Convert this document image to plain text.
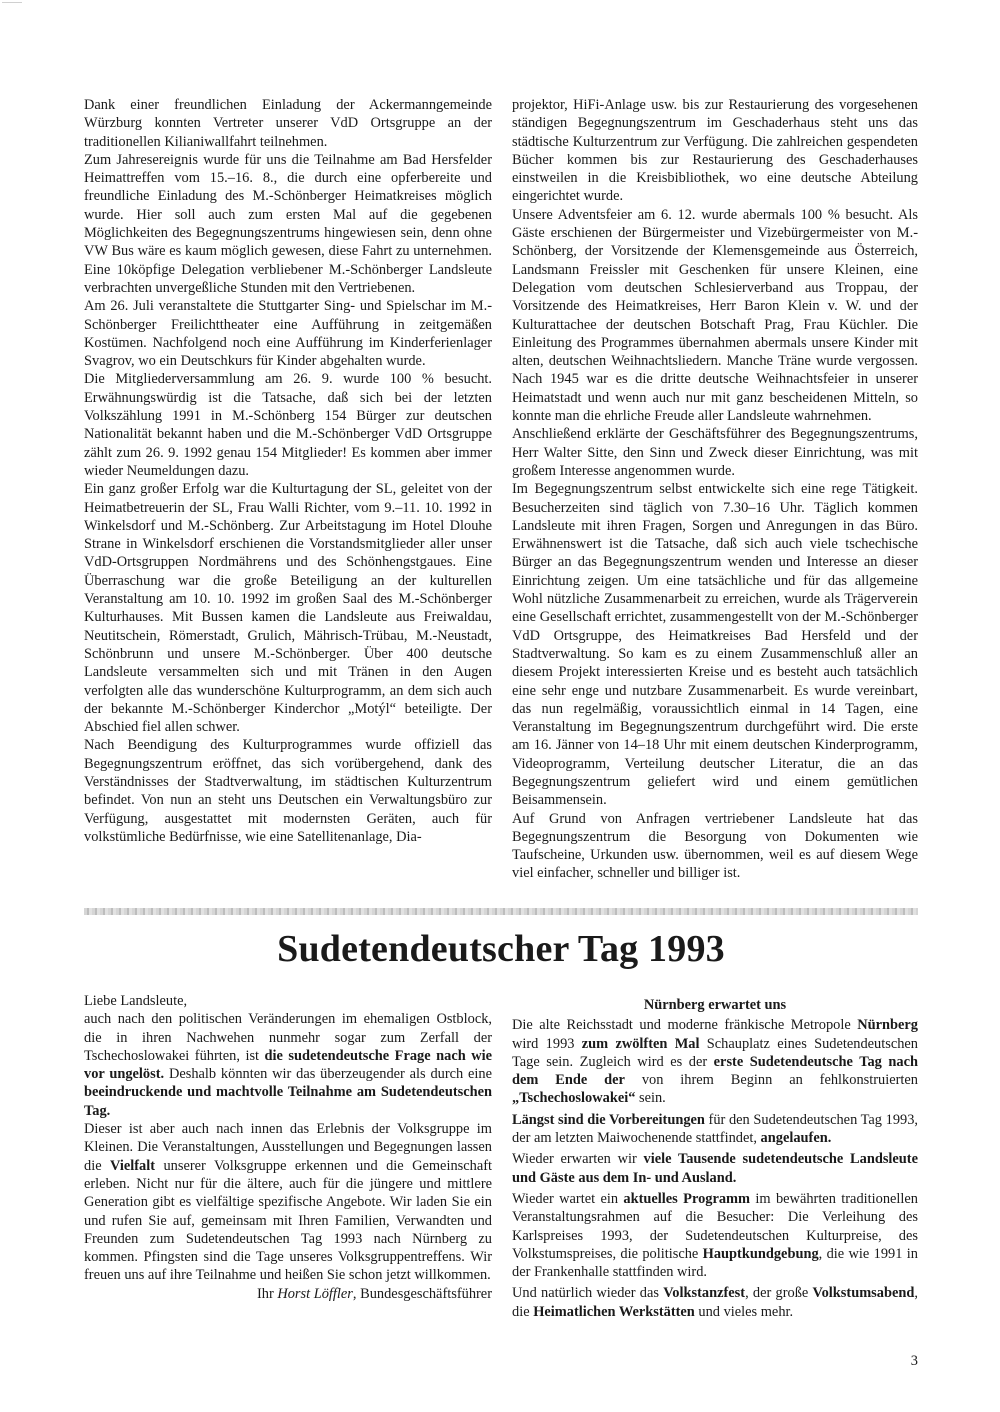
Dank einer freundlichen Einladung der Ackermanngemeinde Würzburg konnten Vertreter unserer VdD Ortsgruppe an der traditionellen Kilianiwallfahrt teilnehmen.

Zum Jahresereignis wurde für uns die Teilnahme am Bad Hersfelder Heimattreffen vom 15.–16. 8., die durch eine opferbereite und freundliche Einladung des M.-Schönberger Heimatkreises möglich wurde. Hier soll auch zum ersten Mal auf die gegebenen Möglichkeiten des Begegnungszentrums hingewiesen sein, denn ohne VW Bus wäre es kaum möglich gewesen, diese Fahrt zu unternehmen. Eine 10köpfige Delegation verbliebener M.-Schönberger Landsleute verbrachten unvergeßliche Stunden mit den Vertriebenen.

Am 26. Juli veranstaltete die Stuttgarter Sing- und Spielschar im M.-Schönberger Freilichttheater eine Aufführung in zeitgemäßen Kostümen. Nachfolgend noch eine Aufführung im Kinderferienlager Svagrov, wo ein Deutschkurs für Kinder abgehalten wurde.

Die Mitgliederversammlung am 26. 9. wurde 100 % besucht. Erwähnungswürdig ist die Tatsache, daß sich bei der letzten Volkszählung 1991 in M.-Schönberg 154 Bürger zur deutschen Nationalität bekannt haben und die M.-Schönberger VdD Ortsgruppe zählt zum 26. 9. 1992 genau 154 Mitglieder! Es kommen aber immer wieder Neumeldungen dazu.

Ein ganz großer Erfolg war die Kulturtagung der SL, geleitet von der Heimatbetreuerin der SL, Frau Walli Richter, vom 9.–11. 10. 1992 in Winkelsdorf und M.-Schönberg. Zur Arbeitstagung im Hotel Dlouhe Strane in Winkelsdorf erschienen die Vorstandsmitglieder aller unser VdD-Ortsgruppen Nordmährens und des Schönhengstgaues. Eine Überraschung war die große Beteiligung an der kulturellen Veranstaltung am 10. 10. 1992 im großen Saal des M.-Schönberger Kulturhauses. Mit Bussen kamen die Landsleute aus Freiwaldau, Neutitschein, Römerstadt, Grulich, Mährisch-Trübau, M.-Neustadt, Schönbrunn und unsere M.-Schönberger. Über 400 deutsche Landsleute versammelten sich und mit Tränen in den Augen verfolgten alle das wunderschöne Kulturprogramm, an dem sich auch der bekannte M.-Schönberger Kinderchor „Motýl“ beteiligte. Der Abschied fiel allen schwer.

Nach Beendigung des Kulturprogrammes wurde offiziell das Begegnungszentrum eröffnet, das sich vorübergehend, dank des Verständnisses der Stadtverwaltung, im städtischen Kulturzentrum befindet. Von nun an steht uns Deutschen ein Verwaltungsbüro zur Verfügung, ausgestattet mit modernsten Geräten, auch für volkstümliche Bedürfnisse, wie eine Satellitenanlage, Dia-

projektor, HiFi-Anlage usw. bis zur Restaurierung des vorgesehenen ständigen Begegnungszentrum im Geschaderhaus steht uns das städtische Kulturzentrum zur Verfügung. Die zahlreichen gespendeten Bücher kommen bis zur Restaurierung des Geschaderhauses einstweilen in die Kreisbibliothek, wo eine deutsche Abteilung eingerichtet wurde.

Unsere Adventsfeier am 6. 12. wurde abermals 100 % besucht. Als Gäste erschienen der Bürgermeister und Vizebürgermeister von M.-Schönberg, der Vorsitzende der Klemensgemeinde aus Österreich, Landsmann Freissler mit Geschenken für unsere Kleinen, eine Delegation vom deutschen Schlesierverband aus Troppau, der Vorsitzende des Heimatkreises, Herr Baron Klein v. W. und der Kulturattachee der deutschen Botschaft Prag, Frau Küchler. Die Einleitung des Programmes übernahmen abermals unsere Kinder mit alten, deutschen Weihnachtsliedern. Manche Träne wurde vergossen. Nach 1945 war es die dritte deutsche Weihnachtsfeier in unserer Heimatstadt und wenn auch nur mit ganz bescheidenen Mitteln, so konnte man die ehrliche Freude aller Landsleute wahrnehmen.

Anschließend erklärte der Geschäftsführer des Begegnungszentrums, Herr Walter Sitte, den Sinn und Zweck dieser Einrichtung, was mit großem Interesse angenommen wurde.

Im Begegnungszentrum selbst entwickelte sich eine rege Tätigkeit. Besucherzeiten sind täglich von 7.30–16 Uhr. Täglich kommen Landsleute mit ihren Fragen, Sorgen und Anregungen in das Büro. Erwähnenswert ist die Tatsache, daß sich auch viele tschechische Bürger an das Begegnungszentrum wenden und Interesse an dieser Einrichtung zeigen. Um eine tatsächliche und für das allgemeine Wohl nützliche Zusammenarbeit zu erreichen, wurde als Trägerverein eine Gesellschaft errichtet, zusammengestellt von der M.-Schönberger VdD Ortsgruppe, des Heimatkreises Bad Hersfeld und der Stadtverwaltung. So kam es zu einem Zusammenschluß aller an diesem Projekt interessierten Kreise und es besteht auch tatsächlich eine sehr enge und nutzbare Zusammenarbeit. Es wurde vereinbart, das nun regelmäßig, voraussichtlich einmal in 14 Tagen, eine Veranstaltung im Begegnungszentrum durchgeführt wird. Die erste am 16. Jänner von 14–18 Uhr mit einem deutschen Kinderprogramm, Videoprogramm, Verteilung deutscher Literatur, die an das Begegnungszentrum geliefert wird und einem gemütlichen Beisammensein.

Auf Grund von Anfragen vertriebener Landsleute hat das Begegnungszentrum die Besorgung von Dokumenten wie Taufscheine, Urkunden usw. übernommen, weil es auf diesem Wege viel einfacher, schneller und billiger ist.

Sudetendeutscher Tag 1993

Liebe Landsleute,

auch nach den politischen Veränderungen im ehemaligen Ostblock, die in ihren Nachwehen nunmehr sogar zum Zerfall der Tschechoslowakei führten, ist die sudetendeutsche Frage nach wie vor ungelöst. Deshalb könnten wir das überzeugender als durch eine beeindruckende und machtvolle Teilnahme am Sudetendeutschen Tag.

Dieser ist aber auch nach innen das Erlebnis der Volksgruppe im Kleinen. Die Veranstaltungen, Ausstellungen und Begegnungen lassen die Vielfalt unserer Volksgruppe erkennen und die Gemeinschaft erleben. Nicht nur für die ältere, auch für die jüngere und mittlere Generation gibt es vielfältige spezifische Angebote. Wir laden Sie ein und rufen Sie auf, gemeinsam mit Ihren Familien, Verwandten und Freunden zum Sudetendeutschen Tag 1993 nach Nürnberg zu kommen. Pfingsten sind die Tage unseres Volksgruppentreffens. Wir freuen uns auf ihre Teilnahme und heißen Sie schon jetzt willkommen.

Ihr Horst Löffler, Bundesgeschäftsführer

Nürnberg erwartet uns

Die alte Reichsstadt und moderne fränkische Metropole Nürnberg wird 1993 zum zwölften Mal Schauplatz eines Sudetendeutschen Tage sein. Zugleich wird es der erste Sudetendeutsche Tag nach dem Ende der von ihrem Beginn an fehlkonstruierten „Tschechoslowakei“ sein.

Längst sind die Vorbereitungen für den Sudetendeutschen Tag 1993, der am letzten Maiwochenende stattfindet, angelaufen.

Wieder erwarten wir viele Tausende sudetendeutsche Landsleute und Gäste aus dem In- und Ausland.

Wieder wartet ein aktuelles Programm im bewährten traditionellen Veranstaltungsrahmen auf die Besucher: Die Verleihung des Karlspreises 1993, der Sudetendeutschen Kulturpreise, des Volkstumspreises, die politische Hauptkundgebung, die wie 1991 in der Frankenhalle stattfinden wird.

Und natürlich wieder das Volkstanzfest, der große Volkstumsabend, die Heimatlichen Werkstätten und vieles mehr.

3
